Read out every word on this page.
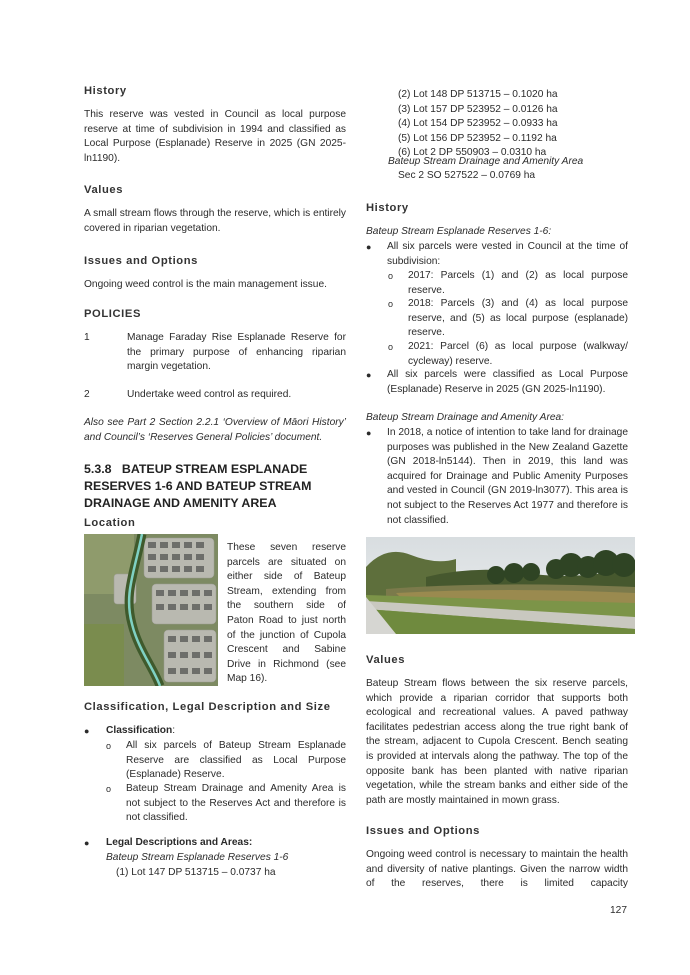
History

This reserve was vested in Council as local purpose reserve at time of subdivision in 1994 and classified as Local Purpose (Esplanade) Reserve in 2025 (GN 2025-ln1190).

Values

A small stream flows through the reserve, which is entirely covered in riparian vegetation.

Issues and Options

Ongoing weed control is the main management issue.

POLICIES
1	Manage Faraday Rise Esplanade Reserve for the primary purpose of enhancing riparian margin vegetation.
2	Undertake weed control as required.

Also see Part 2 Section 2.2.1 ‘Overview of Māori History’ and Council’s ‘Reserves General Policies’ document.

5.3.8   BATEUP STREAM ESPLANADE
RESERVES 1-6 AND BATEUP STREAM
DRAINAGE AND AMENITY AREA
Location
These seven reserve
parcels are situated on
either side of Bateup
Stream, extending from
the southern side of
Paton Road to just north
of the junction of Cupola
Crescent and Sabine
Drive in Richmond (see
Map 16).
Classification, Legal Description and Size
● Classification:
o All six parcels of Bateup Stream Esplanade Reserve are classified as Local Purpose (Esplanade) Reserve.

o Bateup Stream Drainage and Amenity Area is not subject to the Reserves Act and therefore is not classified.

● Legal Descriptions and Areas:
Bateup Stream Esplanade Reserves 1-6
(1) Lot 147 DP 513715 – 0.0737 ha
(2) Lot 148 DP 513715 – 0.1020 ha
(3) Lot 157 DP 523952 – 0.0126 ha
(4) Lot 154 DP 523952 – 0.0933 ha
(5) Lot 156 DP 523952 – 0.1192 ha
(6) Lot 2 DP 550903 – 0.0310 ha
Bateup Stream Drainage and Amenity Area
Sec 2 SO 527522 – 0.0769 ha
History
Bateup Stream Esplanade Reserves 1-6:
● All six parcels were vested in Council at the time of subdivision:

o 2017: Parcels (1) and (2) as local purpose reserve.

o 2018: Parcels (3) and (4) as local purpose reserve, and (5) as local purpose (esplanade) reserve.

o 2021: Parcel (6) as local purpose (walkway/ cycleway) reserve.

● All six parcels were classified as Local Purpose (Esplanade) Reserve in 2025 (GN 2025-ln1190).

Bateup Stream Drainage and Amenity Area:
● In 2018, a notice of intention to take land for drainage purposes was published in the New Zealand Gazette (GN 2018-ln5144). Then in 2019, this land was acquired for Drainage and Public Amenity Purposes and vested in Council (GN 2019-ln3077). This area is not subject to the Reserves Act 1977 and therefore is not classified.

Values

Bateup Stream flows between the six reserve parcels, which provide a riparian corridor that supports both ecological and recreational values. A paved pathway facilitates pedestrian access along the true right bank of the stream, adjacent to Cupola Crescent. Bench seating is provided at intervals along the pathway. The top of the opposite bank has been planted with native riparian vegetation, while the stream banks and either side of the path are mostly maintained in mown grass.

Issues and Options

Ongoing weed control is necessary to maintain the health and diversity of native plantings. Given the narrow width of the reserves, there is limited capacity

127
